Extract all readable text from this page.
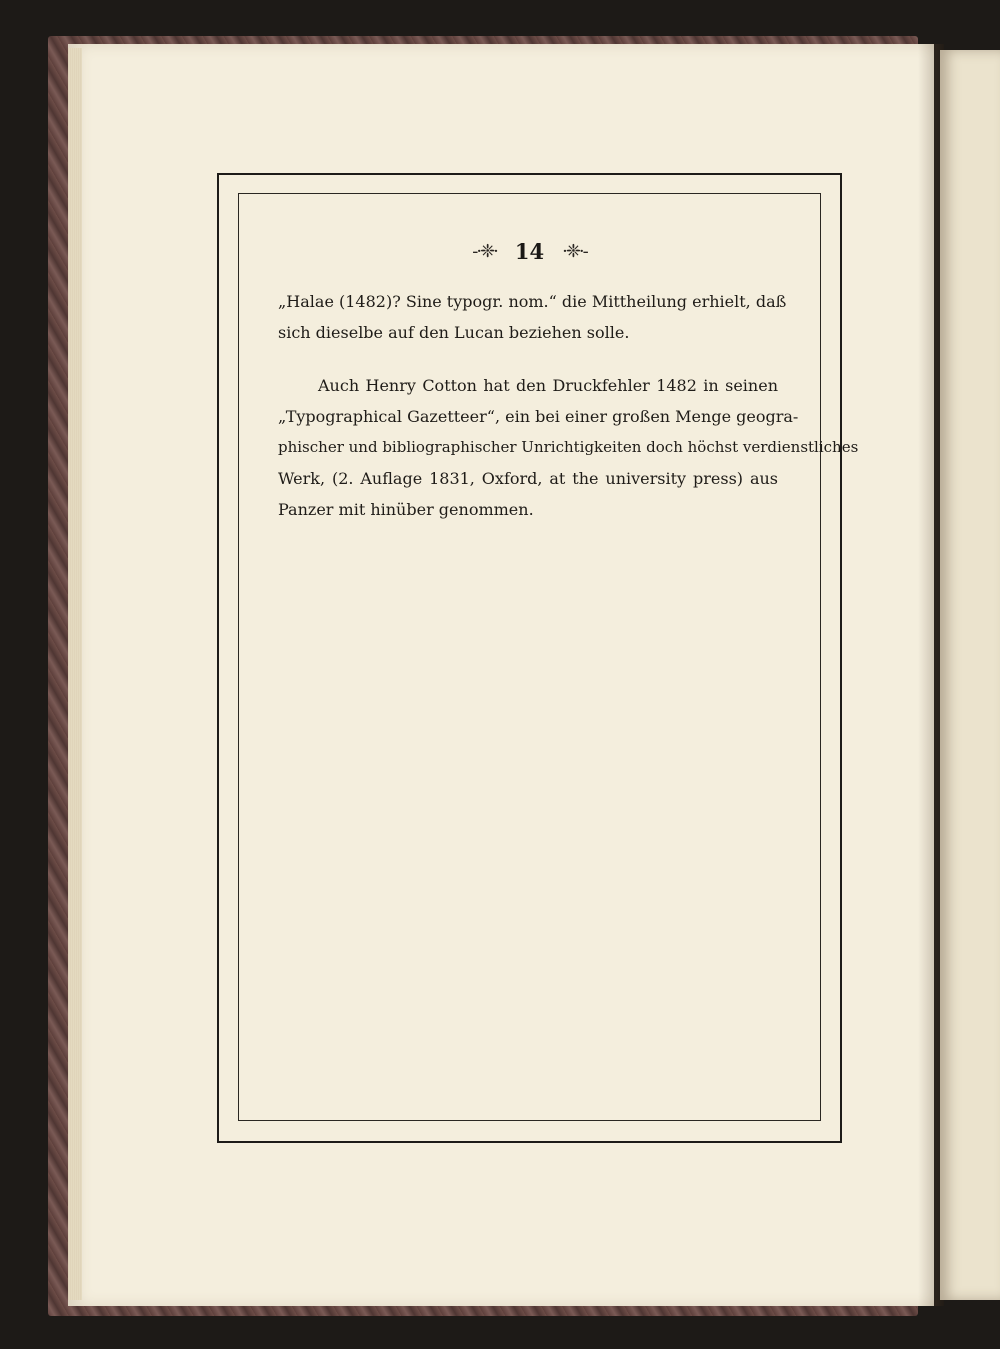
-·❈· 14 ·❈·-
„Halae (1482)? Sine typogr. nom.“ die Mittheilung erhielt, daß
sich dieselbe auf den Lucan beziehen solle.
Auch Henry Cotton hat den Druckfehler 1482 in seinen
„Typographical Gazetteer“, ein bei einer großen Menge geogra-
phischer und bibliographischer Unrichtigkeiten doch höchst verdienstliches
Werk, (2. Auflage 1831, Oxford, at the university press) aus
Panzer mit hinüber genommen.
